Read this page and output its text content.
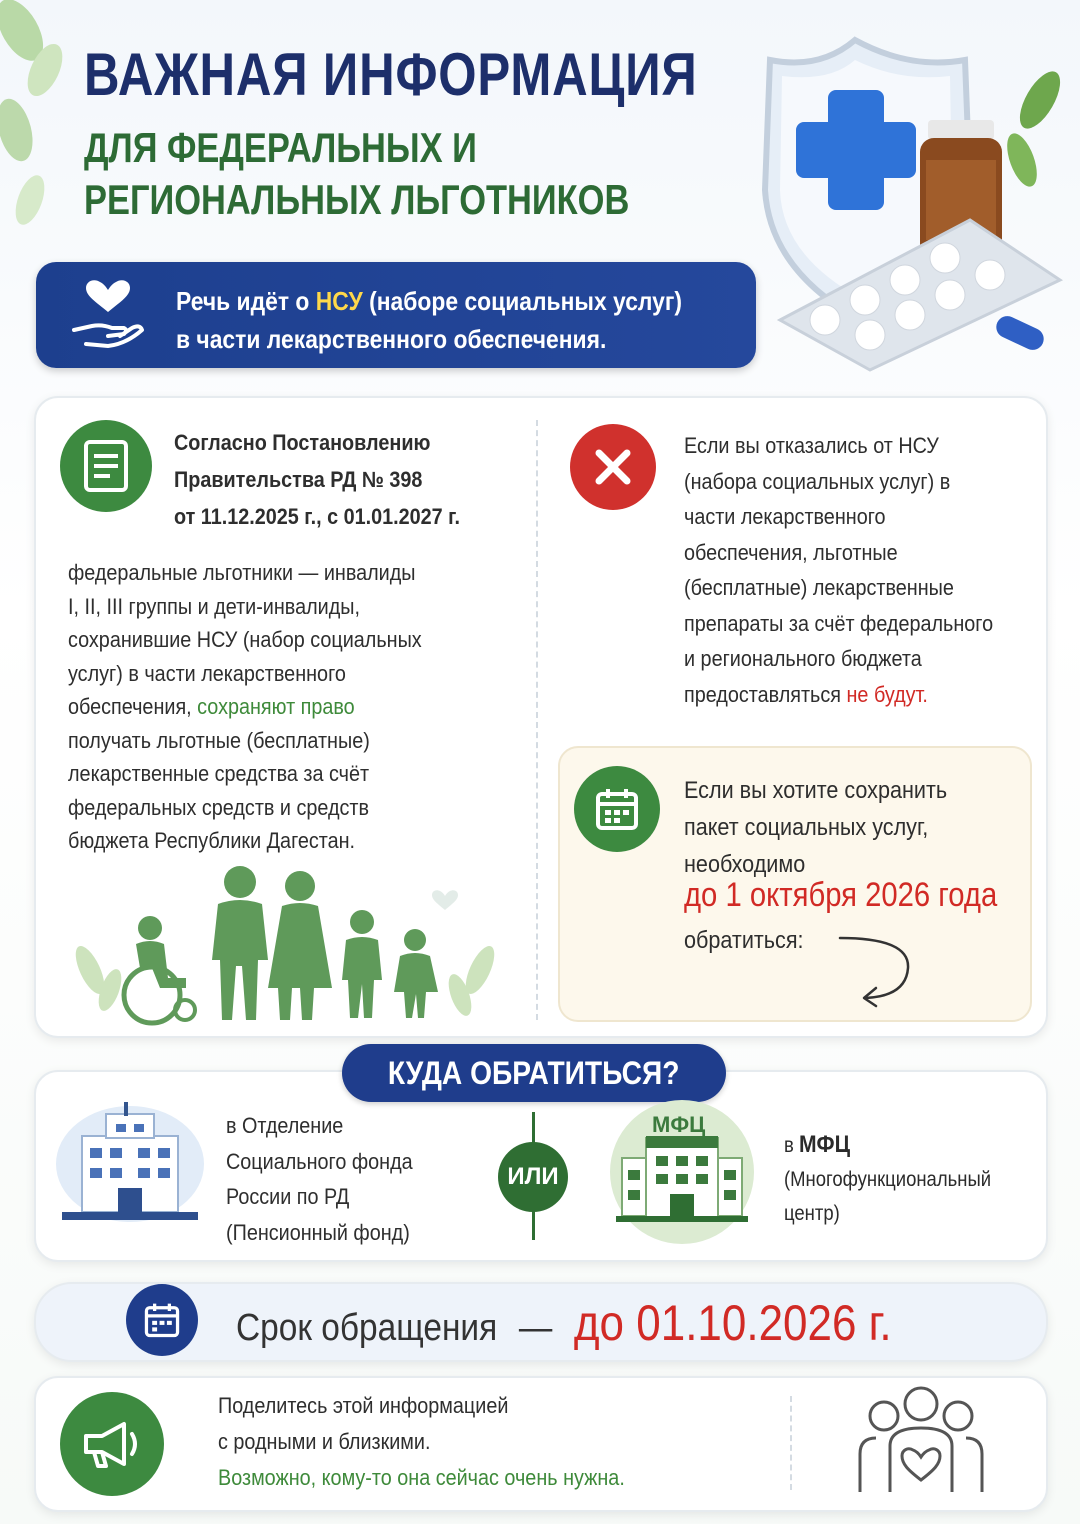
ВАЖНАЯ ИНФОРМАЦИЯ
ДЛЯ ФЕДЕРАЛЬНЫХ И
РЕГИОНАЛЬНЫХ ЛЬГОТНИКОВ
Речь идёт о НСУ (наборе социальных услуг)
в части лекарственного обеспечения.
Согласно Постановлению
Правительства РД № 398
от 11.12.2025 г., с 01.01.2027 г.
федеральные льготники — инвалиды
I, II, III группы и дети-инвалиды,
сохранившие НСУ (набор социальных
услуг) в части лекарственного
обеспечения, сохраняют право
получать льготные (бесплатные)
лекарственные средства за счёт
федеральных средств и средств
бюджета Республики Дагестан.
Если вы отказались от НСУ
(набора социальных услуг) в
части лекарственного
обеспечения, льготные
(бесплатные) лекарственные
препараты за счёт федерального
и регионального бюджета
предоставляться не будут.
Если вы хотите сохранить
пакет социальных услуг,
необходимо
до 1 октября 2026 года
обратиться:
КУДА ОБРАТИТЬСЯ?
в Отделение
Социального фонда
России по РД
(Пенсионный фонд)
ИЛИ
МФЦ
в МФЦ
(Многофункциональный
центр)
Срок обращения — до 01.10.2026 г.
Поделитесь этой информацией
с родными и близкими.
Возможно, кому-то она сейчас очень нужна.
